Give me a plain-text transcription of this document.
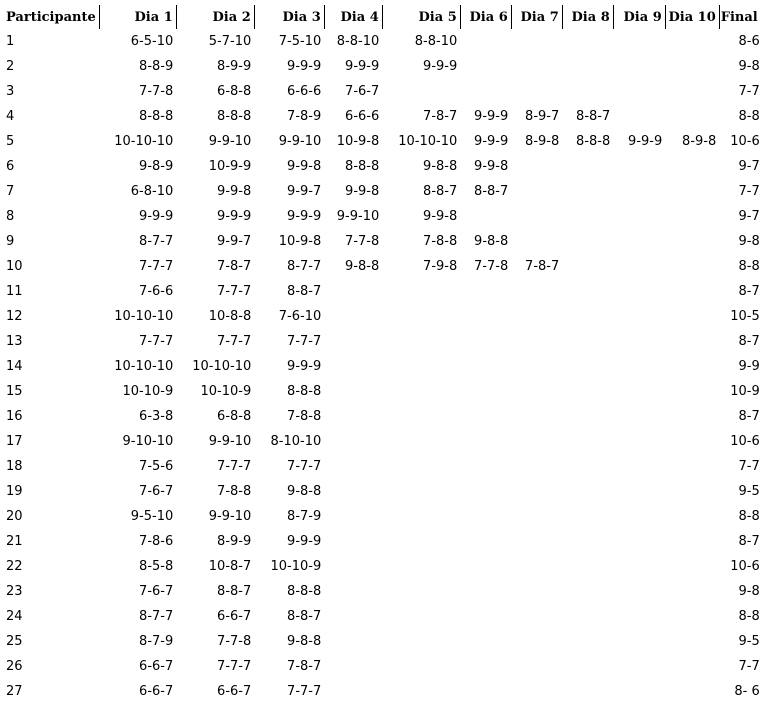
Participante	Dia 1	Dia 2	Dia 3	Dia 4	Dia 5	Dia 6	Dia 7	Dia 8	Dia 9	Dia 10	Final
1	6-5-10	5-7-10	7-5-10	8-8-10	8-8-10						8-6
2	8-8-9	8-9-9	9-9-9	9-9-9	9-9-9						9-8
3	7-7-8	6-8-8	6-6-6	7-6-7							7-7
4	8-8-8	8-8-8	7-8-9	6-6-6	7-8-7	9-9-9	8-9-7	8-8-7			8-8
5	10-10-10	9-9-10	9-9-10	10-9-8	10-10-10	9-9-9	8-9-8	8-8-8	9-9-9	8-9-8	10-6
6	9-8-9	10-9-9	9-9-8	8-8-8	9-8-8	9-9-8					9-7
7	6-8-10	9-9-8	9-9-7	9-9-8	8-8-7	8-8-7					7-7
8	9-9-9	9-9-9	9-9-9	9-9-10	9-9-8						9-7
9	8-7-7	9-9-7	10-9-8	7-7-8	7-8-8	9-8-8					9-8
10	7-7-7	7-8-7	8-7-7	9-8-8	7-9-8	7-7-8	7-8-7				8-8
11	7-6-6	7-7-7	8-8-7								8-7
12	10-10-10	10-8-8	7-6-10								10-5
13	7-7-7	7-7-7	7-7-7								8-7
14	10-10-10	10-10-10	9-9-9								9-9
15	10-10-9	10-10-9	8-8-8								10-9
16	6-3-8	6-8-8	7-8-8								8-7
17	9-10-10	9-9-10	8-10-10								10-6
18	7-5-6	7-7-7	7-7-7								7-7
19	7-6-7	7-8-8	9-8-8								9-5
20	9-5-10	9-9-10	8-7-9								8-8
21	7-8-6	8-9-9	9-9-9								8-7
22	8-5-8	10-8-7	10-10-9								10-6
23	7-6-7	8-8-7	8-8-8								9-8
24	8-7-7	6-6-7	8-8-7								8-8
25	8-7-9	7-7-8	9-8-8								9-5
26	6-6-7	7-7-7	7-8-7								7-7
27	6-6-7	6-6-7	7-7-7								8- 6
